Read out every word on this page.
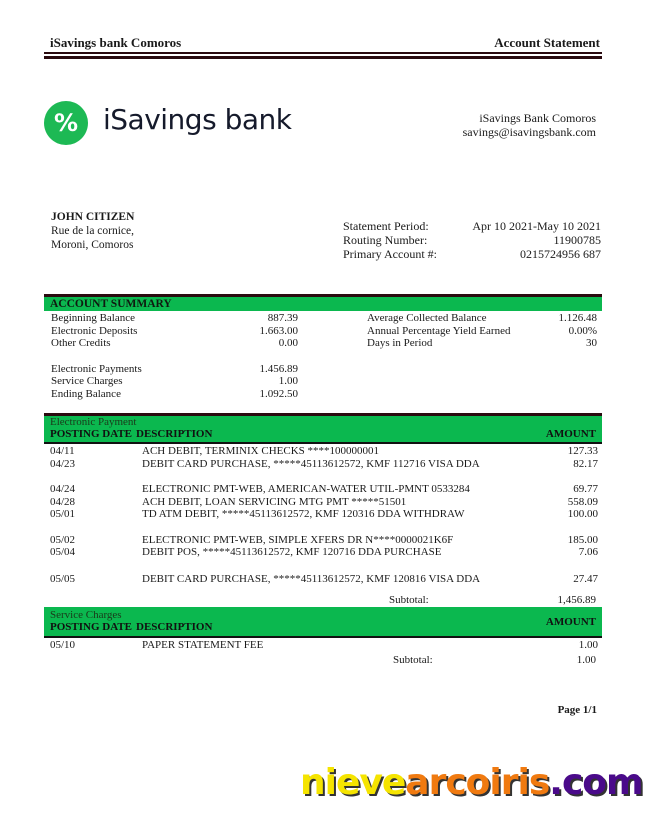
iSavings bank Comoros	Account Statement
% iSavings bank	iSavings Bank Comoros
savings@isavingsbank.com
JOHN CITIZEN
Rue de la cornice,
Moroni, Comoros
Statement Period:	Apr 10 2021-May 10 2021
Routing Number:	11900785
Primary Account #:	0215724956 687
ACCOUNT SUMMARY
Beginning Balance	887.39
Electronic Deposits	1.663.00
Other Credits	0.00
Electronic Payments	1.456.89
Service Charges	1.00
Ending Balance	1.092.50
Average Collected Balance	1.126.48
Annual Percentage Yield Earned	0.00%
Days in Period	30
Electronic Payment
POSTING DATE DESCRIPTION	AMOUNT
04/11	ACH DEBIT, TERMINIX CHECKS ****100000001	127.33
04/23	DEBIT CARD PURCHASE, *****45113612572, KMF 112716 VISA DDA	82.17
04/24	ELECTRONIC PMT-WEB, AMERICAN-WATER UTIL-PMNT 0533284	69.77
04/28	ACH DEBIT, LOAN SERVICING MTG PMT *****51501	558.09
05/01	TD ATM DEBIT, *****45113612572, KMF 120316 DDA WITHDRAW	100.00
05/02	ELECTRONIC PMT-WEB, SIMPLE XFERS DR N****0000021K6F	185.00
05/04	DEBIT POS, *****45113612572, KMF 120716 DDA PURCHASE	7.06
05/05	DEBIT CARD PURCHASE, *****45113612572, KMF 120816 VISA DDA	27.47
Subtotal:	1,456.89
Service Charges
POSTING DATE DESCRIPTION	AMOUNT
05/10	PAPER STATEMENT FEE	1.00
Subtotal:	1.00
Page 1/1
nievearcoiris.com
